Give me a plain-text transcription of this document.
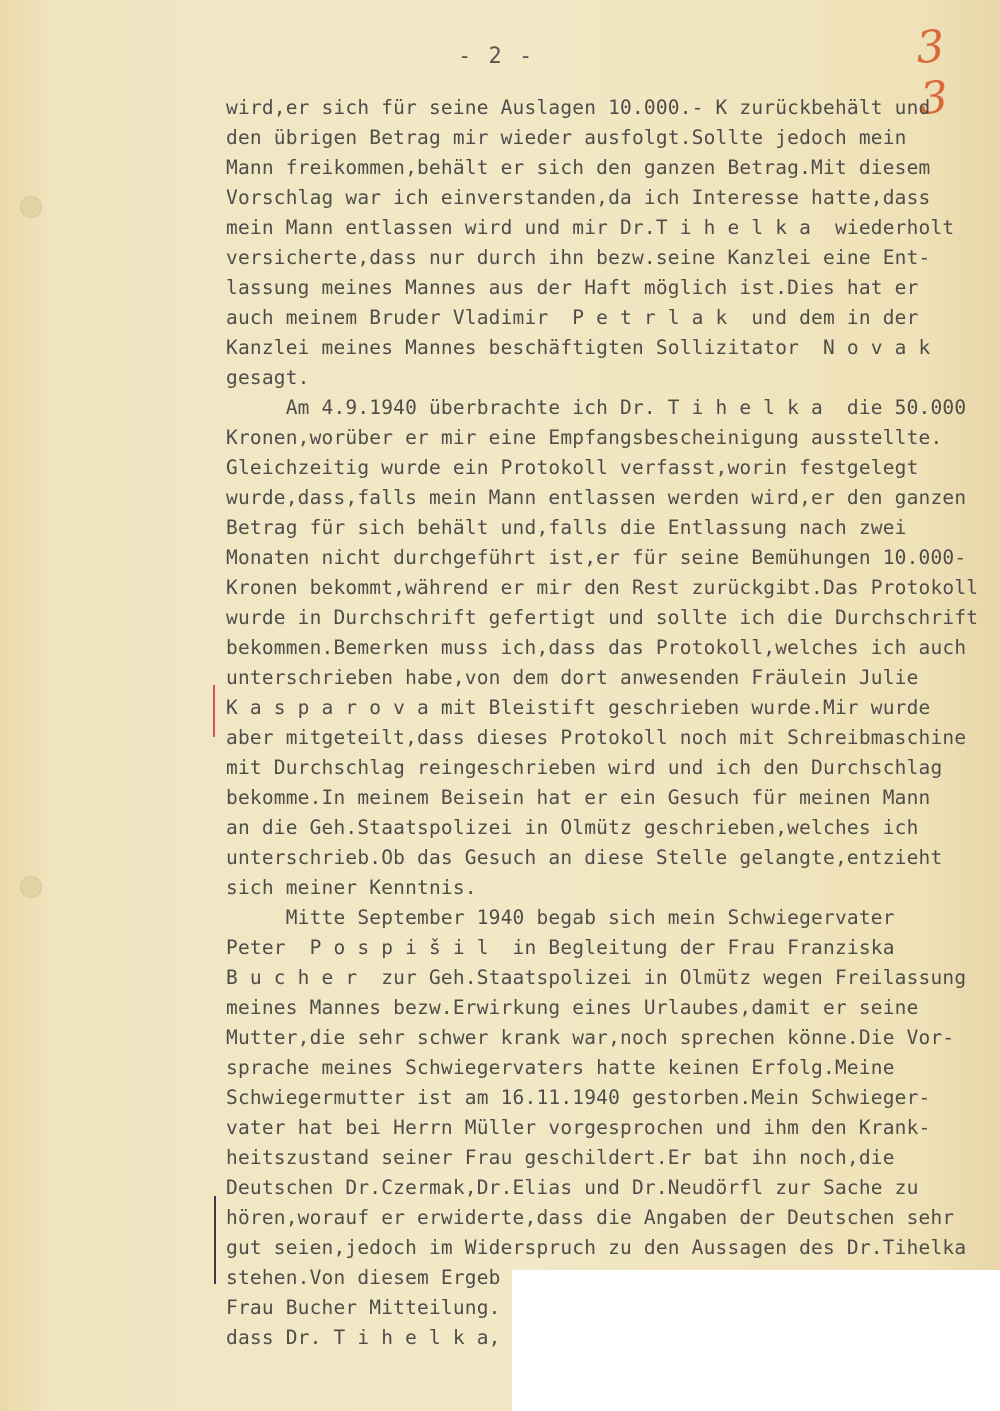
- 2 -	3 3
wird,er sich für seine Auslagen 10.000.- K zurückbehält und
den übrigen Betrag mir wieder ausfolgt.Sollte jedoch mein
Mann freikommen,behält er sich den ganzen Betrag.Mit diesem
Vorschlag war ich einverstanden,da ich Interesse hatte,dass
mein Mann entlassen wird und mir Dr.T i h e l k a  wiederholt
versicherte,dass nur durch ihn bezw.seine Kanzlei eine Ent-
lassung meines Mannes aus der Haft möglich ist.Dies hat er
auch meinem Bruder Vladimir  P e t r l a k  und dem in der
Kanzlei meines Mannes beschäftigten Sollizitator  N o v a k
gesagt.
Am 4.9.1940 überbrachte ich Dr. T i h e l k a  die 50.000
Kronen,worüber er mir eine Empfangsbescheinigung ausstellte.
Gleichzeitig wurde ein Protokoll verfasst,worin festgelegt
wurde,dass,falls mein Mann entlassen werden wird,er den ganzen
Betrag für sich behält und,falls die Entlassung nach zwei
Monaten nicht durchgeführt ist,er für seine Bemühungen 10.000-
Kronen bekommt,während er mir den Rest zurückgibt.Das Protokoll
wurde in Durchschrift gefertigt und sollte ich die Durchschrift
bekommen.Bemerken muss ich,dass das Protokoll,welches ich auch
unterschrieben habe,von dem dort anwesenden Fräulein Julie
K a s p a r o v a mit Bleistift geschrieben wurde.Mir wurde
aber mitgeteilt,dass dieses Protokoll noch mit Schreibmaschine
mit Durchschlag reingeschrieben wird und ich den Durchschlag
bekomme.In meinem Beisein hat er ein Gesuch für meinen Mann
an die Geh.Staatspolizei in Olmütz geschrieben,welches ich
unterschrieb.Ob das Gesuch an diese Stelle gelangte,entzieht
sich meiner Kenntnis.
Mitte September 1940 begab sich mein Schwiegervater
Peter  P o s p i š i l  in Begleitung der Frau Franziska
B u c h e r  zur Geh.Staatspolizei in Olmütz wegen Freilassung
meines Mannes bezw.Erwirkung eines Urlaubes,damit er seine
Mutter,die sehr schwer krank war,noch sprechen könne.Die Vor-
sprache meines Schwiegervaters hatte keinen Erfolg.Meine
Schwiegermutter ist am 16.11.1940 gestorben.Mein Schwieger-
vater hat bei Herrn Müller vorgesprochen und ihm den Krank-
heitszustand seiner Frau geschildert.Er bat ihn noch,die
Deutschen Dr.Czermak,Dr.Elias und Dr.Neudörfl zur Sache zu
hören,worauf er erwiderte,dass die Angaben der Deutschen sehr
gut seien,jedoch im Widerspruch zu den Aussagen des Dr.Tihelka
stehen.Von diesem Ergeb
Frau Bucher Mitteilung.
dass Dr. T i h e l k a,
